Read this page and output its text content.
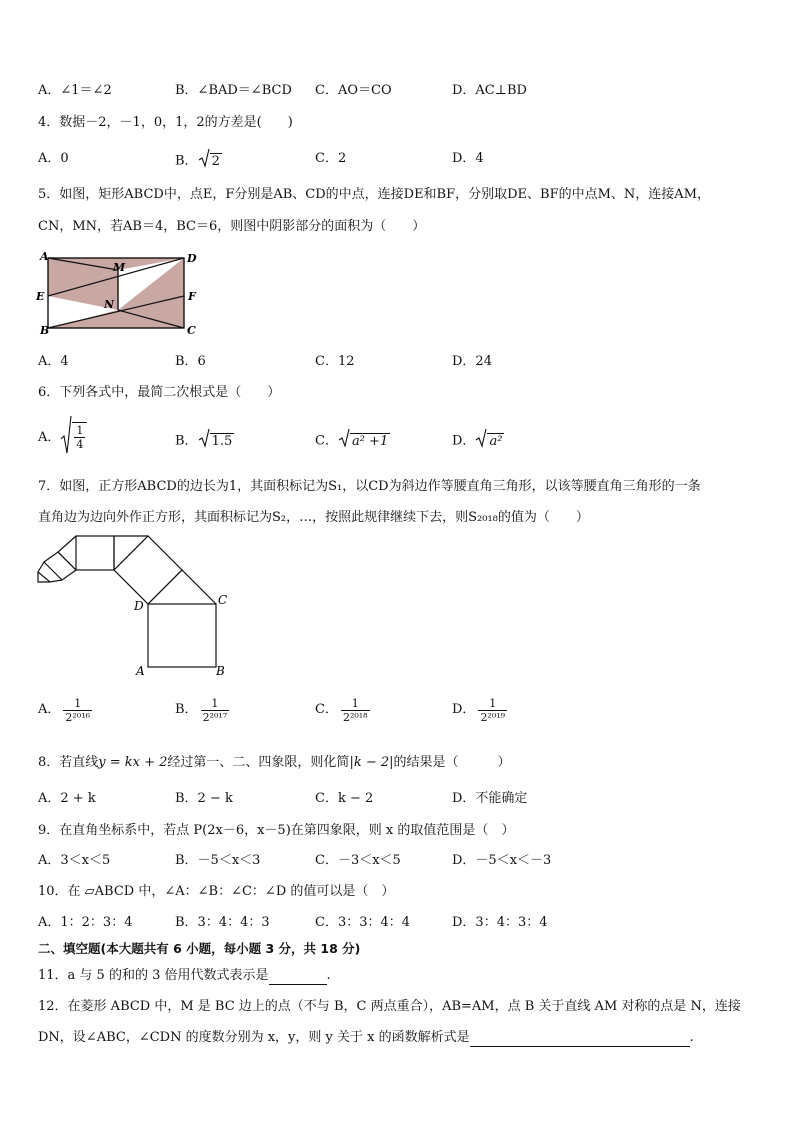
A．∠1＝∠2	B．∠BAD＝∠BCD C．AO＝CO	D．AC⊥BD
4．数据－2，－1，0，1，2的方差是(　　)
A．0	B． 2	C．2	D．4
5．如图，矩形ABCD中，点E，F分别是AB、CD的中点，连接DE和BF，分别取DE、BF的中点M、N，连接AM，
CN，MN，若AB＝4，BC＝6，则图中阴影部分的面积为（　　）
A
B	C
D
E	F
M
N
A．4	B．6	C．12	D．24
6．下列各式中，最简二次根式是（　　）
A． $\frac{1}{4}$	B． 1.5	C． a² +1	D． a²
7．如图，正方形ABCD的边长为1，其面积标记为S₁，以CD为斜边作等腰直角三角形，以该等腰直角三角形的一条
直角边为边向外作正方形，其面积标记为S₂，…，按照此规律继续下去，则S₂₀₁₈的值为（　　）
D	C
A	B
A． $\frac{1}{\text{2²⁰¹⁶}}$	B． $\frac{1}{\text{2²⁰¹⁷}}$	C． $\frac{1}{\text{2²⁰¹⁸}}$	D． $\frac{1}{\text{2²⁰¹⁹}}$
8．若直线y = kx + 2经过第一、二、四象限，则化简|k − 2|的结果是（　　　）
A．2 + k	B．2 − k	C．k − 2	D．不能确定
9．在直角坐标系中，若点 P(2x－6，x－5)在第四象限，则 x 的取值范围是（　）
A．3＜x＜5	B．－5＜x＜3	C．－3＜x＜5	D．－5＜x＜－3
10．在 ▱ABCD 中，∠A：∠B：∠C：∠D 的值可以是（　）
A．1：2：3：4	B．3：4：4：3	C．3：3：4：4	D．3：4：3：4
二、填空题(本大题共有 6 小题，每小题 3 分，共 18 分)
11．a 与 5 的和的 3 倍用代数式表示是	.
12．在菱形 ABCD 中，M 是 BC 边上的点（不与 B，C 两点重合），AB=AM，点 B 关于直线 AM 对称的点是 N，连接
DN，设∠ABC，∠CDN 的度数分别为 x，y，则 y 关于 x 的函数解析式是	.
